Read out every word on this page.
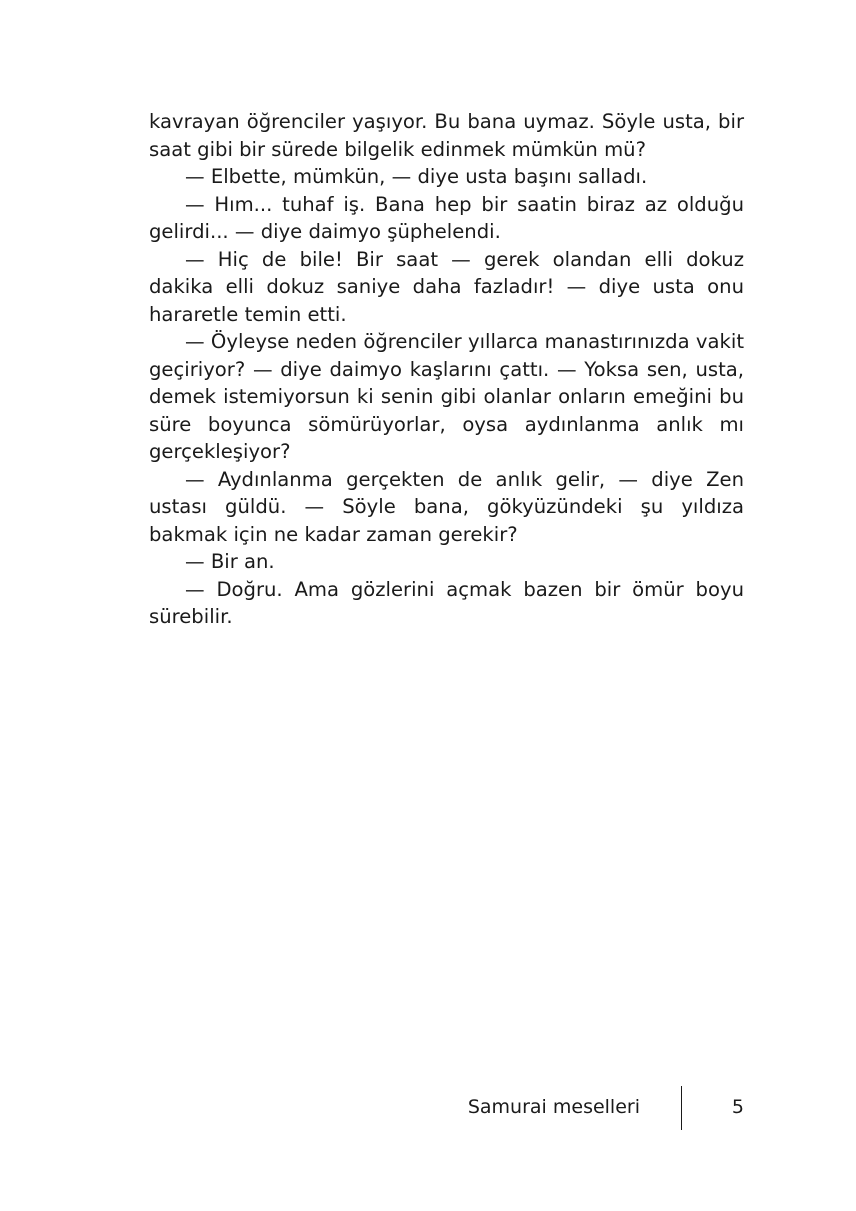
kavrayan öğrenciler yaşıyor. Bu bana uymaz. Söyle usta, bir saat gibi bir sürede bilgelik edinmek mümkün mü?

— Elbette, mümkün, — diye usta başını salladı.

— Hım... tuhaf iş. Bana hep bir saatin biraz az olduğu gelirdi... — diye daimyo şüphelendi.

— Hiç de bile! Bir saat — gerek olandan elli dokuz dakika elli dokuz saniye daha fazladır! — diye usta onu hararetle temin etti.

— Öyleyse neden öğrenciler yıllarca manastırınızda vakit geçiriyor? — diye daimyo kaşlarını çattı. — Yoksa sen, usta, demek istemiyorsun ki senin gibi olanlar onların emeğini bu süre boyunca sömürüyorlar, oysa aydınlanma anlık mı gerçekleşiyor?

— Aydınlanma gerçekten de anlık gelir, — diye Zen ustası güldü. — Söyle bana, gökyüzündeki şu yıldıza bakmak için ne kadar zaman gerekir?

— Bir an.

— Doğru. Ama gözlerini açmak bazen bir ömür boyu sürebilir.

Samurai meselleri	5
